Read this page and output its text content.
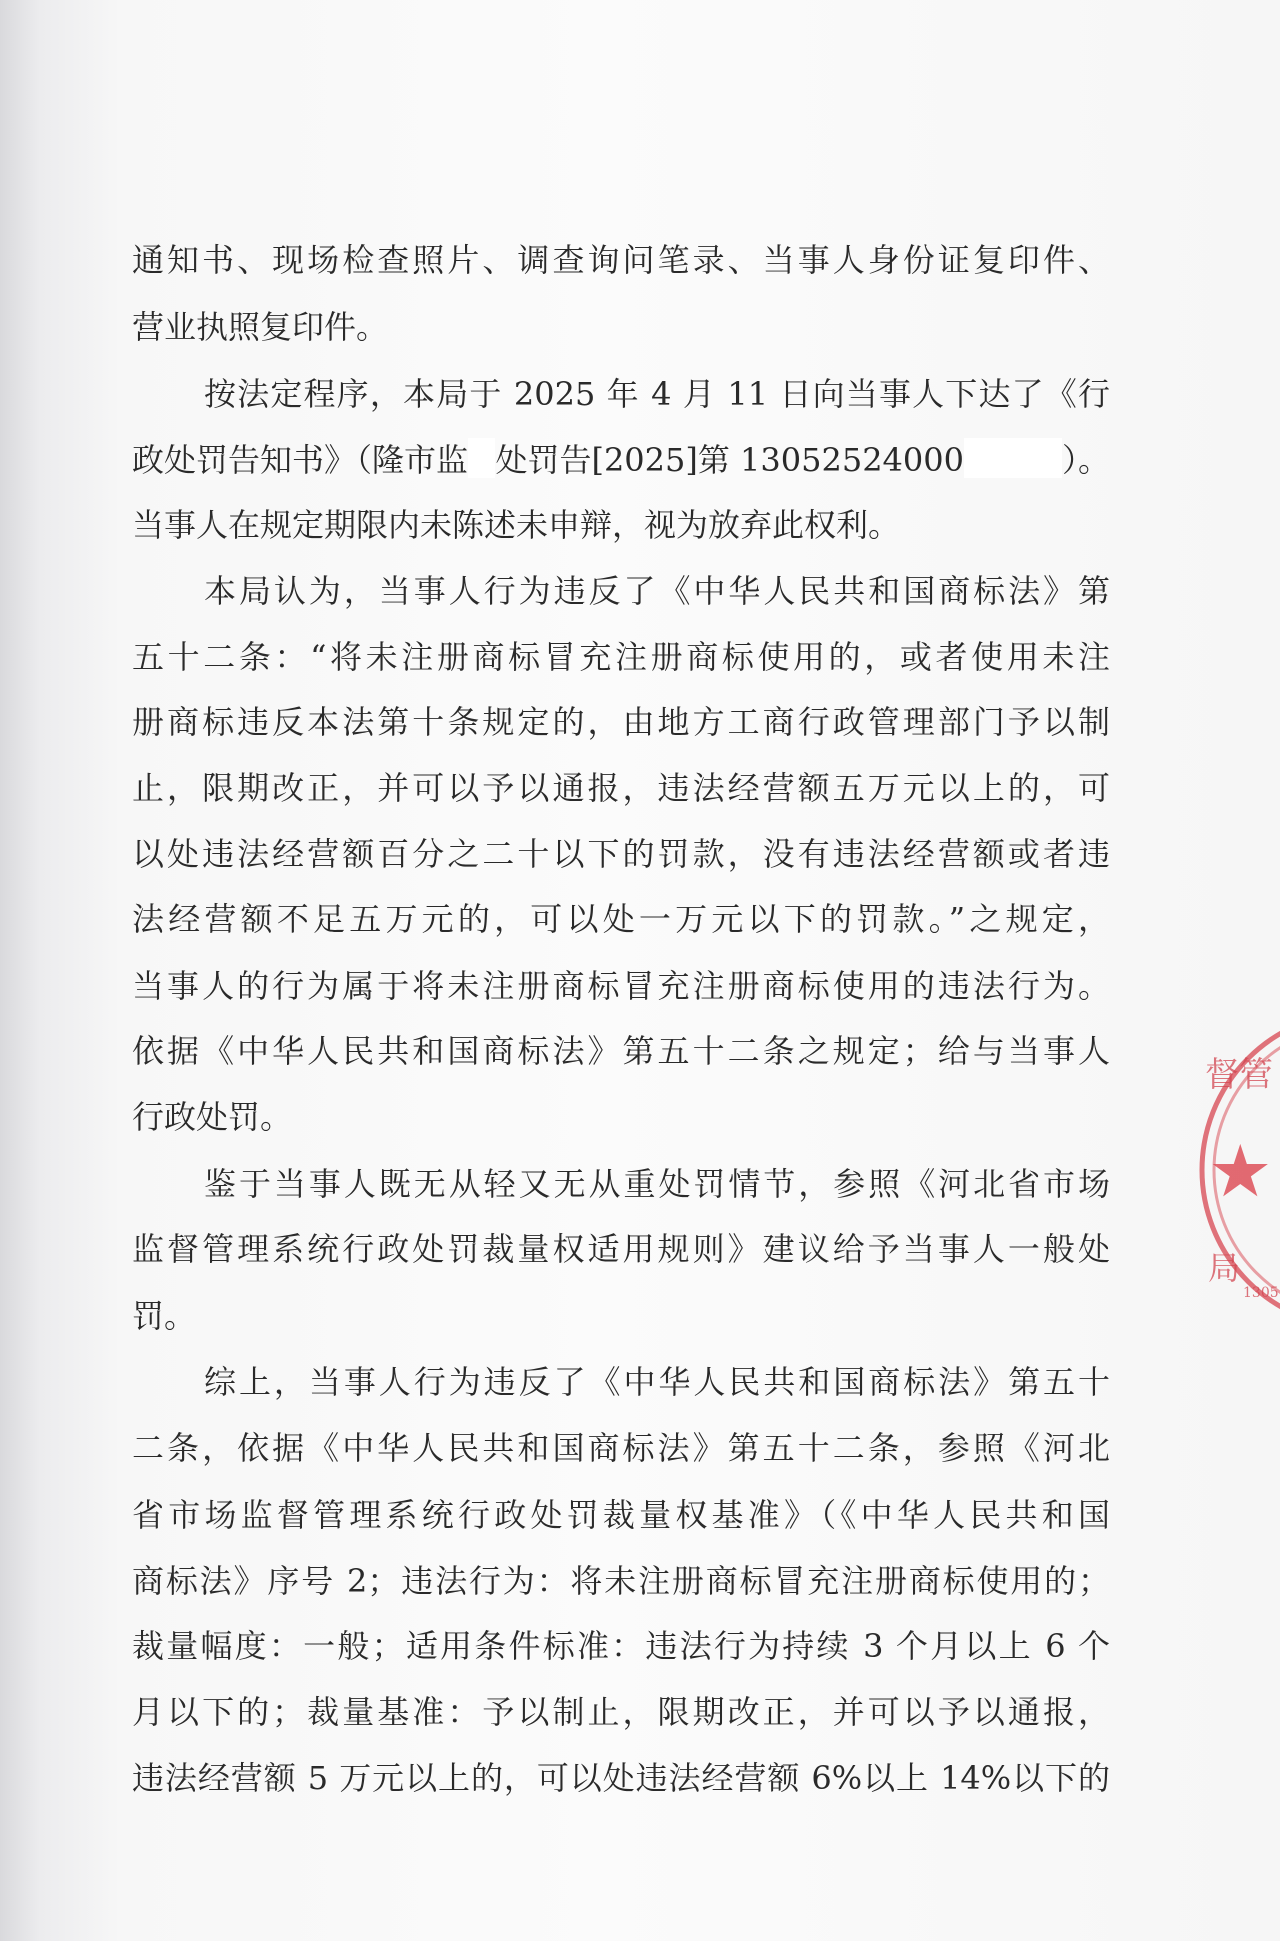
通知书、现场检查照片、调查询问笔录、当事人身份证复印件、
营业执照复印件。
按法定程序，本局于 2025 年 4 月 11 日向当事人下达了《行
政处罚告知书》（隆市监 处罚告[2025]第 13052524000	）。
当事人在规定期限内未陈述未申辩，视为放弃此权利。
本局认为，当事人行为违反了《中华人民共和国商标法》第
五十二条：“将未注册商标冒充注册商标使用的，或者使用未注
册商标违反本法第十条规定的，由地方工商行政管理部门予以制
止，限期改正，并可以予以通报，违法经营额五万元以上的，可
以处违法经营额百分之二十以下的罚款，没有违法经营额或者违
法经营额不足五万元的，可以处一万元以下的罚款。”之规定，
当事人的行为属于将未注册商标冒充注册商标使用的违法行为。
依据《中华人民共和国商标法》第五十二条之规定；给与当事人
行政处罚。
鉴于当事人既无从轻又无从重处罚情节，参照《河北省市场
监督管理系统行政处罚裁量权适用规则》建议给予当事人一般处
罚。
综上，当事人行为违反了《中华人民共和国商标法》第五十
二条，依据《中华人民共和国商标法》第五十二条，参照《河北
省市场监督管理系统行政处罚裁量权基准》（《中华人民共和国
商标法》序号 2；违法行为：将未注册商标冒充注册商标使用的；
裁量幅度：一般；适用条件标准：违法行为持续 3 个月以上 6 个
月以下的；裁量基准：予以制止，限期改正，并可以予以通报，
违法经营额 5 万元以上的，可以处违法经营额 6%以上 14%以下的
督管
★
局
1305
